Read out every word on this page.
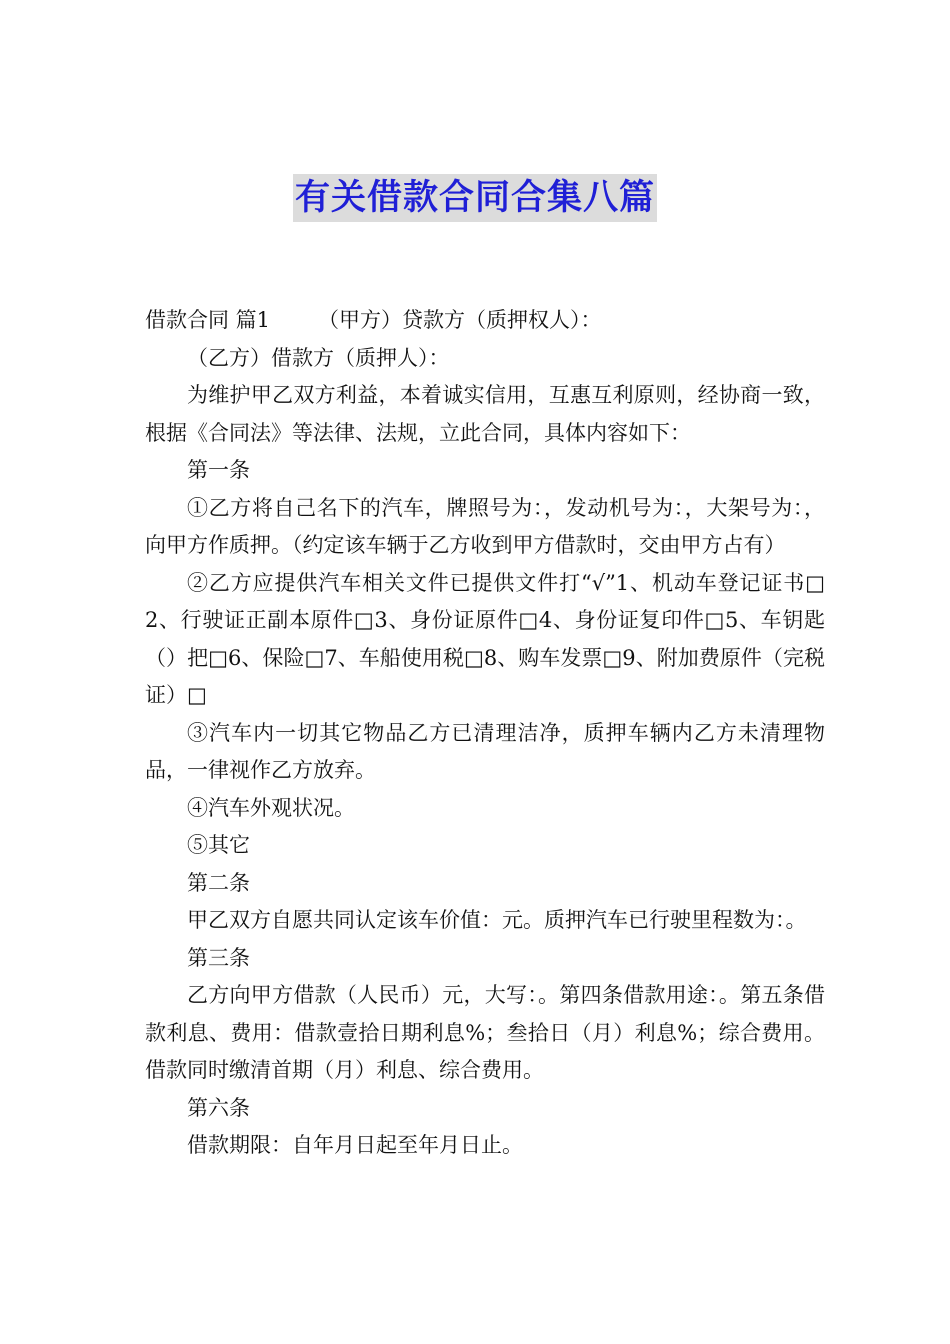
有关借款合同合集八篇

借款合同 篇1 （甲方）贷款方（质押权人）：

（乙方）借款方（质押人）：

为维护甲乙双方利益，本着诚实信用，互惠互利原则，经协商一致，根据《合同法》等法律、法规，立此合同，具体内容如下：

第一条

①乙方将自己名下的汽车，牌照号为：，发动机号为：，大架号为：，向甲方作质押。（约定该车辆于乙方收到甲方借款时，交由甲方占有）

②乙方应提供汽车相关文件已提供文件打“√”1、机动车登记证书□2、行驶证正副本原件□3、身份证原件□4、身份证复印件□5、车钥匙（）把□6、保险□7、车船使用税□8、购车发票□9、附加费原件（完税证）□

③汽车内一切其它物品乙方已清理洁净，质押车辆内乙方未清理物品，一律视作乙方放弃。

④汽车外观状况。

⑤其它

第二条

甲乙双方自愿共同认定该车价值：元。质押汽车已行驶里程数为：。

第三条

乙方向甲方借款（人民币）元，大写：。第四条借款用途：。第五条借款利息、费用：借款壹拾日期利息%；叁拾日（月）利息%；综合费用。借款同时缴清首期（月）利息、综合费用。

第六条

借款期限：自年月日起至年月日止。
